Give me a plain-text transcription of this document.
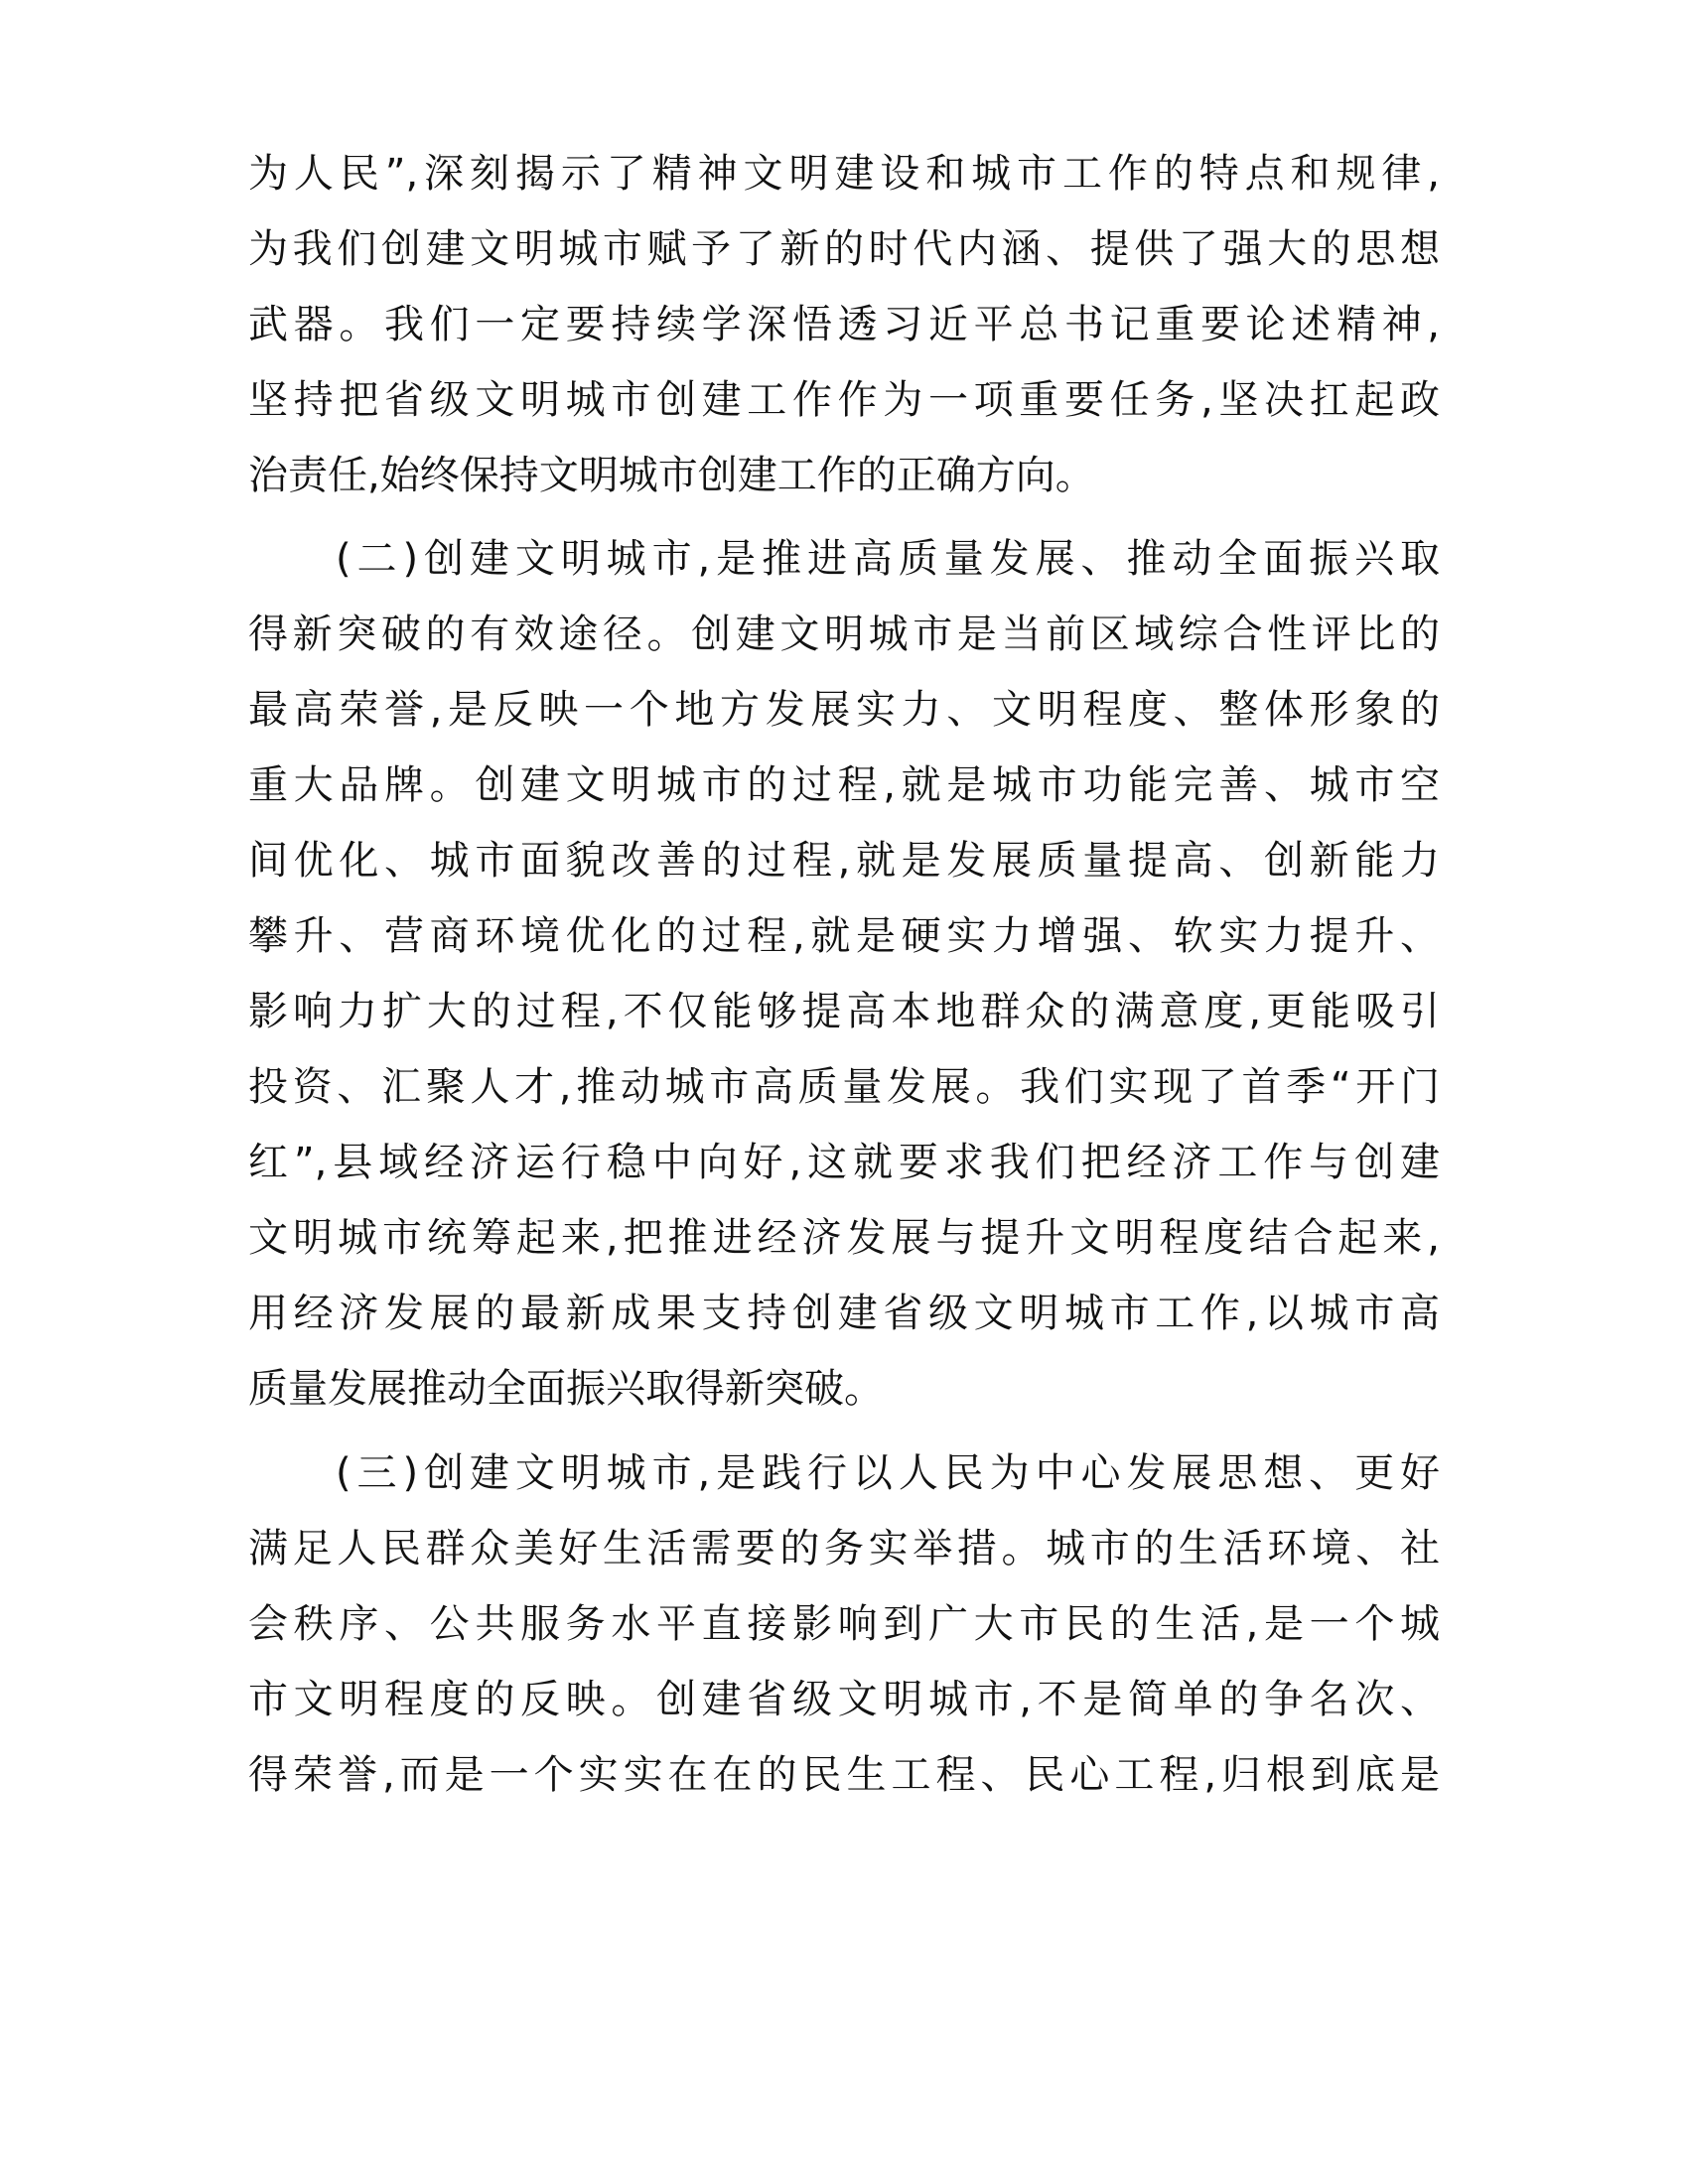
为人民”,深刻揭示了精神文明建设和城市工作的特点和规律,
为我们创建文明城市赋予了新的时代内涵、提供了强大的思想
武器。我们一定要持续学深悟透习近平总书记重要论述精神,
坚持把省级文明城市创建工作作为一项重要任务,坚决扛起政
治责任,始终保持文明城市创建工作的正确方向。
(二)创建文明城市,是推进高质量发展、推动全面振兴取
得新突破的有效途径。创建文明城市是当前区域综合性评比的
最高荣誉,是反映一个地方发展实力、文明程度、整体形象的
重大品牌。创建文明城市的过程,就是城市功能完善、城市空
间优化、城市面貌改善的过程,就是发展质量提高、创新能力
攀升、营商环境优化的过程,就是硬实力增强、软实力提升、
影响力扩大的过程,不仅能够提高本地群众的满意度,更能吸引
投资、汇聚人才,推动城市高质量发展。我们实现了首季“开门
红”,县域经济运行稳中向好,这就要求我们把经济工作与创建
文明城市统筹起来,把推进经济发展与提升文明程度结合起来,
用经济发展的最新成果支持创建省级文明城市工作,以城市高
质量发展推动全面振兴取得新突破。
(三)创建文明城市,是践行以人民为中心发展思想、更好
满足人民群众美好生活需要的务实举措。城市的生活环境、社
会秩序、公共服务水平直接影响到广大市民的生活,是一个城
市文明程度的反映。创建省级文明城市,不是简单的争名次、
得荣誉,而是一个实实在在的民生工程、民心工程,归根到底是
